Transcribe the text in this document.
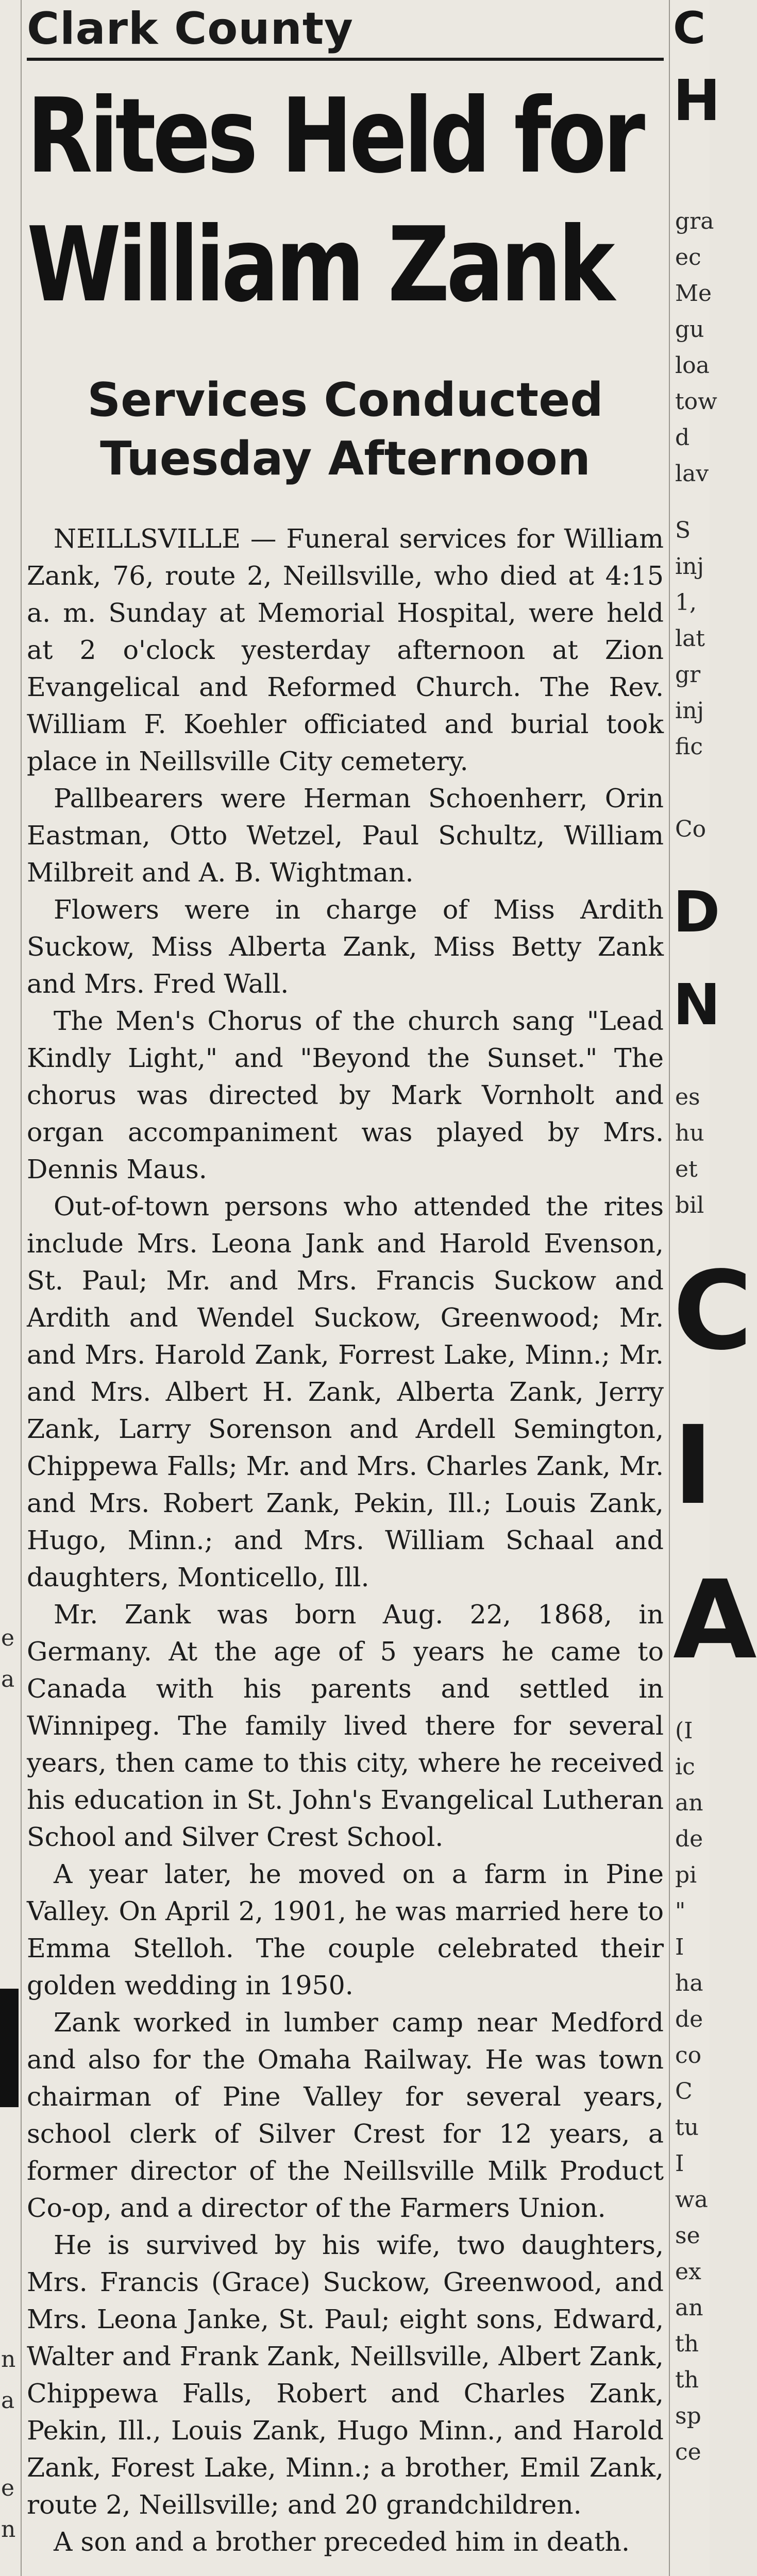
e
a
n
a
e
n
Clark County
Rites Held for
William Zank
Services Conducted
Tuesday Afternoon

NEILLSVILLE — Funeral services for William Zank, 76, route 2, Neillsville, who died at 4:15 a. m. Sunday at Memorial Hospital, were held at 2 o'clock yesterday afternoon at Zion Evangelical and Reformed Church. The Rev. William F. Koehler officiated and burial took place in Neillsville City cemetery.

Pallbearers were Herman Schoenherr, Orin Eastman, Otto Wetzel, Paul Schultz, William Milbreit and A. B. Wightman.

Flowers were in charge of Miss Ardith Suckow, Miss Alberta Zank, Miss Betty Zank and Mrs. Fred Wall.

The Men's Chorus of the church sang "Lead Kindly Light," and "Beyond the Sunset." The chorus was directed by Mark Vornholt and organ accompaniment was played by Mrs. Dennis Maus.

Out-of-town persons who attended the rites include Mrs. Leona Jank and Harold Evenson, St. Paul; Mr. and Mrs. Francis Suckow and Ardith and Wendel Suckow, Greenwood; Mr. and Mrs. Harold Zank, Forrest Lake, Minn.; Mr. and Mrs. Albert H. Zank, Alberta Zank, Jerry Zank, Larry Sorenson and Ardell Semington, Chippewa Falls; Mr. and Mrs. Charles Zank, Mr. and Mrs. Robert Zank, Pekin, Ill.; Louis Zank, Hugo, Minn.; and Mrs. William Schaal and daughters, Monticello, Ill.

Mr. Zank was born Aug. 22, 1868, in Germany. At the age of 5 years he came to Canada with his parents and settled in Winnipeg. The family lived there for several years, then came to this city, where he received his education in St. John's Evangelical Lutheran School and Silver Crest School.

A year later, he moved on a farm in Pine Valley. On April 2, 1901, he was married here to Emma Stelloh. The couple celebrated their golden wedding in 1950.

Zank worked in lumber camp near Medford and also for the Omaha Railway. He was town chairman of Pine Valley for several years, school clerk of Silver Crest for 12 years, a former director of the Neillsville Milk Product Co-op, and a director of the Farmers Union.

He is survived by his wife, two daughters, Mrs. Francis (Grace) Suckow, Greenwood, and Mrs. Leona Janke, St. Paul; eight sons, Edward, Walter and Frank Zank, Neillsville, Albert Zank, Chippewa Falls, Robert and Charles Zank, Pekin, Ill., Louis Zank, Hugo Minn., and Harold Zank, Forest Lake, Minn.; a brother, Emil Zank, route 2, Neillsville; and 20 grandchildren.

A son and a brother preceded him in death.

C
H
gra
ec
Me
gu
loa
tow
d
lav
S
inj
1,
lat
gr
inj
fic
Co
D
N
es
hu
et
bil
C
I
A
(I
ic
an
de
pi
"
I
ha
de
co
C
tu
I
wa
se
ex
an
th
th
sp
ce
